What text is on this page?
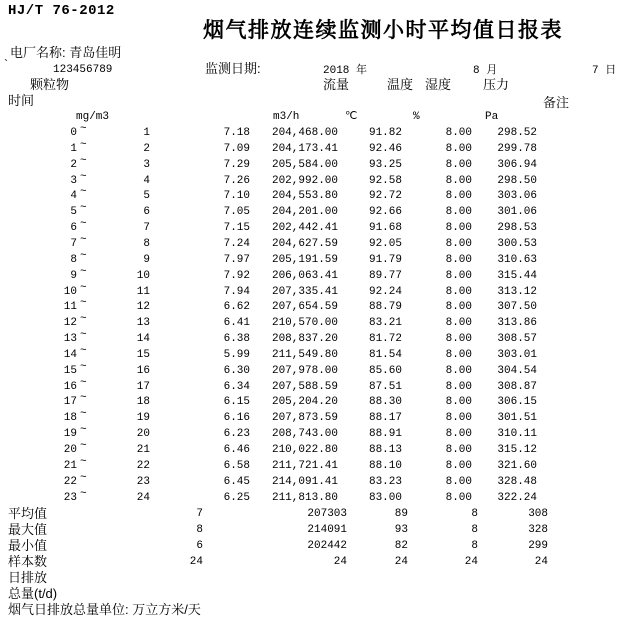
HJ/T 76-2012
烟气排放连续监测小时平均值日报表
电厂名称: 青岛佳明
`	123456789	监测日期:	2018 年	8 月	7 日
颗粒物	流量	温度 湿度 压力
时间	备注
mg/m3	m3/h	℃	%	Pa
0 ~	1	7.18	204,468.00	91.82	8.00	298.52
1 ~	2	7.09	204,173.41	92.46	8.00	299.78
2 ~	3	7.29	205,584.00	93.25	8.00	306.94
3 ~	4	7.26	202,992.00	92.58	8.00	298.50
4 ~	5	7.10	204,553.80	92.72	8.00	303.06
5 ~	6	7.05	204,201.00	92.66	8.00	301.06
6 ~	7	7.15	202,442.41	91.68	8.00	298.53
7 ~	8	7.24	204,627.59	92.05	8.00	300.53
8 ~	9	7.97	205,191.59	91.79	8.00	310.63
9 ~	10	7.92	206,063.41	89.77	8.00	315.44
10 ~	11	7.94	207,335.41	92.24	8.00	313.12
11 ~	12	6.62	207,654.59	88.79	8.00	307.50
12 ~	13	6.41	210,570.00	83.21	8.00	313.86
13 ~	14	6.38	208,837.20	81.72	8.00	308.57
14 ~	15	5.99	211,549.80	81.54	8.00	303.01
15 ~	16	6.30	207,978.00	85.60	8.00	304.54
16 ~	17	6.34	207,588.59	87.51	8.00	308.87
17 ~	18	6.15	205,204.20	88.30	8.00	306.15
18 ~	19	6.16	207,873.59	88.17	8.00	301.51
19 ~	20	6.23	208,743.00	88.91	8.00	310.11
20 ~	21	6.46	210,022.80	88.13	8.00	315.12
21 ~	22	6.58	211,721.41	88.10	8.00	321.60
22 ~	23	6.45	214,091.41	83.23	8.00	328.48
23 ~	24	6.25	211,813.80	83.00	8.00	322.24
平均值	7	207303	89	8	308
最大值	8	214091	93	8	328
最小值	6	202442	82	8	299
样本数	24	24	24	24	24
日排放
总量(t/d)
烟气日排放总量单位: 万立方米/天
